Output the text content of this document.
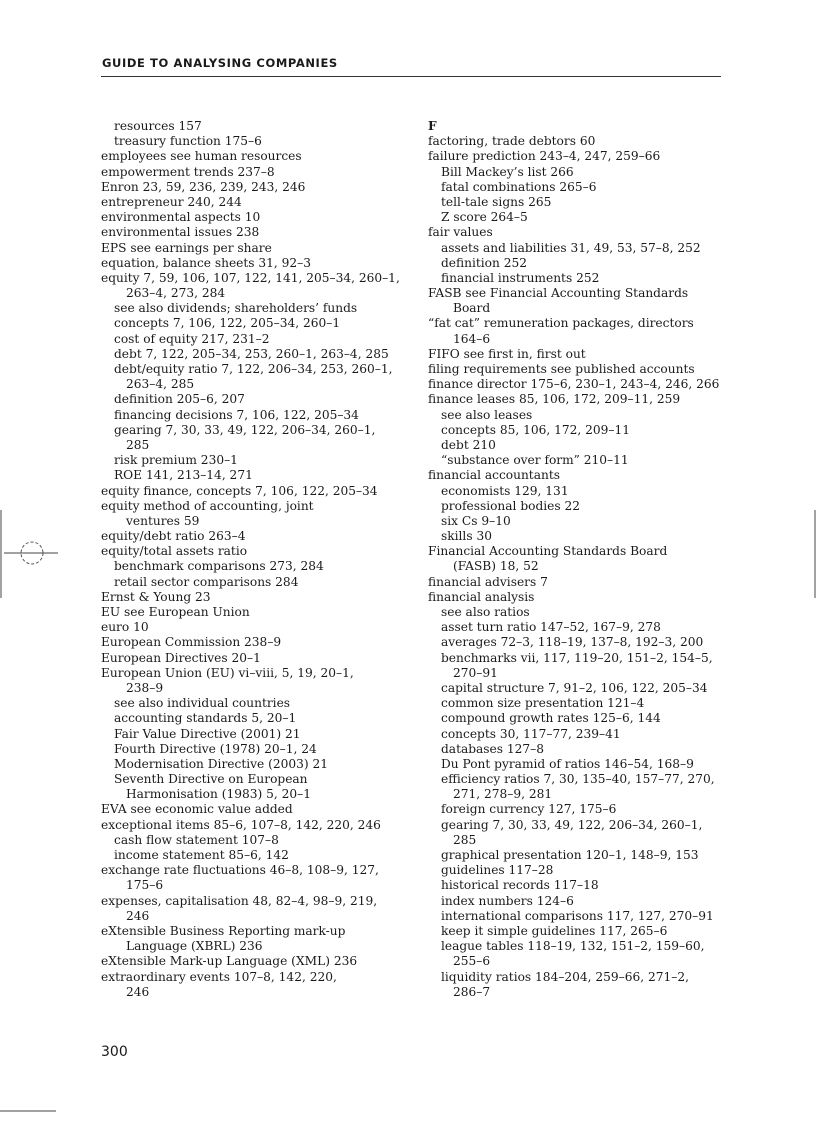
GUIDE TO ANALYSING COMPANIES
resources 157
treasury function 175–6
employees see human resources
empowerment trends 237–8
Enron 23, 59, 236, 239, 243, 246
entrepreneur 240, 244
environmental aspects 10
environmental issues 238
EPS see earnings per share
equation, balance sheets 31, 92–3
equity 7, 59, 106, 107, 122, 141, 205–34, 260–1,
263–4, 273, 284
see also dividends; shareholders’ funds
concepts 7, 106, 122, 205–34, 260–1
cost of equity 217, 231–2
debt 7, 122, 205–34, 253, 260–1, 263–4, 285
debt/equity ratio 7, 122, 206–34, 253, 260–1,
263–4, 285
definition 205–6, 207
financing decisions 7, 106, 122, 205–34
gearing 7, 30, 33, 49, 122, 206–34, 260–1,
285
risk premium 230–1
ROE 141, 213–14, 271
equity finance, concepts 7, 106, 122, 205–34
equity method of accounting, joint
ventures 59
equity/debt ratio 263–4
equity/total assets ratio
benchmark comparisons 273, 284
retail sector comparisons 284
Ernst & Young 23
EU see European Union
euro 10
European Commission 238–9
European Directives 20–1
European Union (EU) vi–viii, 5, 19, 20–1,
238–9
see also individual countries
accounting standards 5, 20–1
Fair Value Directive (2001) 21
Fourth Directive (1978) 20–1, 24
Modernisation Directive (2003) 21
Seventh Directive on European
Harmonisation (1983) 5, 20–1
EVA see economic value added
exceptional items 85–6, 107–8, 142, 220, 246
cash flow statement 107–8
income statement 85–6, 142
exchange rate fluctuations 46–8, 108–9, 127,
175–6
expenses, capitalisation 48, 82–4, 98–9, 219,
246
eXtensible Business Reporting mark-up
Language (XBRL) 236
eXtensible Mark-up Language (XML) 236
extraordinary events 107–8, 142, 220,
246
F
factoring, trade debtors 60
failure prediction 243–4, 247, 259–66
Bill Mackey’s list 266
fatal combinations 265–6
tell-tale signs 265
Z score 264–5
fair values
assets and liabilities 31, 49, 53, 57–8, 252
definition 252
financial instruments 252
FASB see Financial Accounting Standards
Board
“fat cat” remuneration packages, directors
164–6
FIFO see first in, first out
filing requirements see published accounts
finance director 175–6, 230–1, 243–4, 246, 266
finance leases 85, 106, 172, 209–11, 259
see also leases
concepts 85, 106, 172, 209–11
debt 210
“substance over form” 210–11
financial accountants
economists 129, 131
professional bodies 22
six Cs 9–10
skills 30
Financial Accounting Standards Board
(FASB) 18, 52
financial advisers 7
financial analysis
see also ratios
asset turn ratio 147–52, 167–9, 278
averages 72–3, 118–19, 137–8, 192–3, 200
benchmarks vii, 117, 119–20, 151–2, 154–5,
270–91
capital structure 7, 91–2, 106, 122, 205–34
common size presentation 121–4
compound growth rates 125–6, 144
concepts 30, 117–77, 239–41
databases 127–8
Du Pont pyramid of ratios 146–54, 168–9
efficiency ratios 7, 30, 135–40, 157–77, 270,
271, 278–9, 281
foreign currency 127, 175–6
gearing 7, 30, 33, 49, 122, 206–34, 260–1,
285
graphical presentation 120–1, 148–9, 153
guidelines 117–28
historical records 117–18
index numbers 124–6
international comparisons 117, 127, 270–91
keep it simple guidelines 117, 265–6
league tables 118–19, 132, 151–2, 159–60,
255–6
liquidity ratios 184–204, 259–66, 271–2,
286–7
300
